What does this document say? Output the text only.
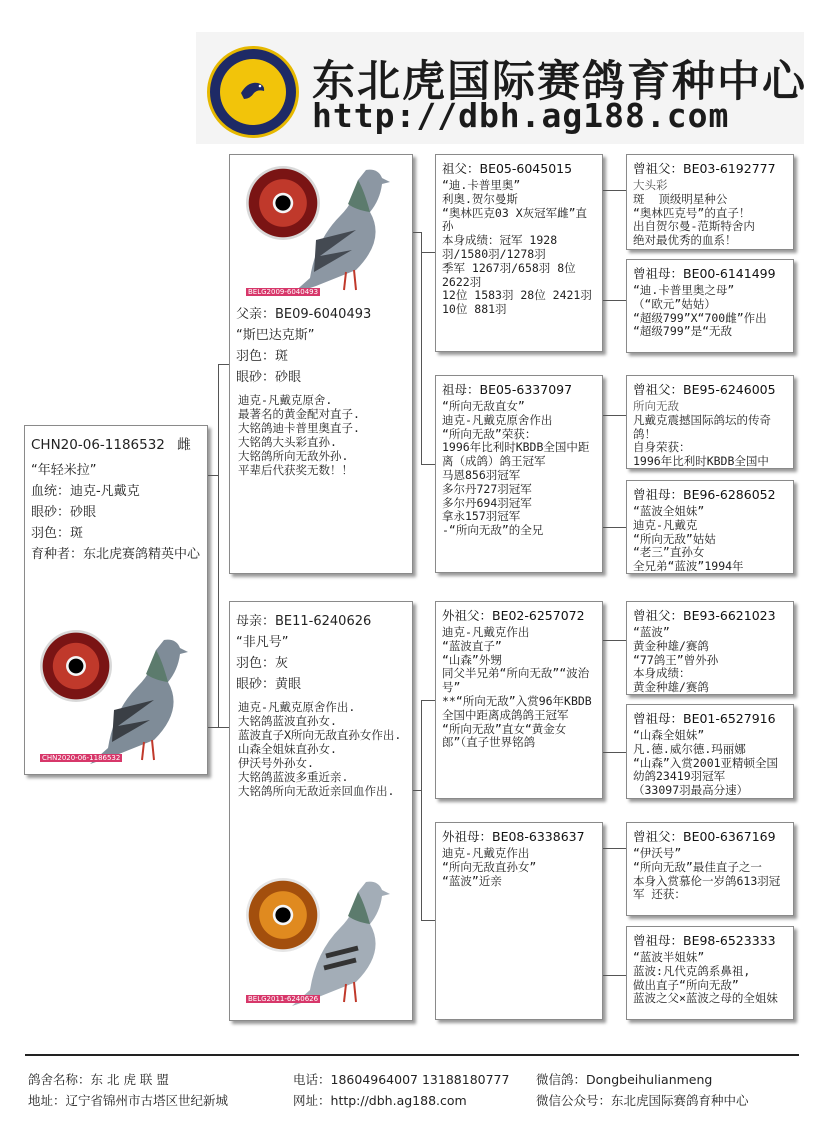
东北虎国际赛鸽育种中心
http://dbh.ag188.com
CHN20-06-1186532 雌
“年轻米拉”
血统：迪克-凡戴克
眼砂：砂眼
羽色：斑
育种者：东北虎赛鸽精英中心
CHN2020-06-1186532
父亲：BE09-6040493
“斯巴达克斯”
羽色：斑
眼砂：砂眼
迪克-凡戴克原舍.
最著名的黄金配对直子.
大铭鸽迪卡普里奥直子.
大铭鸽大头彩直孙.
大铭鸽所向无敌外孙.
平辈后代获奖无数！！
BELG2009-6040493
母亲：BE11-6240626
“非凡号”
羽色：灰
眼砂：黄眼
迪克-凡戴克原舍作出.
大铭鸽蓝波直孙女.
蓝波直子X所向无敌直孙女作出.
山森全姐妹直孙女.
伊沃号外孙女.
大铭鸽蓝波多重近亲.
大铭鸽所向无敌近亲回血作出.
BELG2011-6240626
祖父：BE05-6045015
“迪.卡普里奥”
利奥.贺尔曼斯
“奥林匹克03 X灰冠军雌”直孙
本身成绩：冠军 1928羽/1580羽/1278羽
季军 1267羽/658羽 8位 2622羽
12位 1583羽 28位 2421羽 10位 881羽
祖母：BE05-6337097
“所向无敌直女”
迪克-凡戴克原舍作出
“所向无敌”荣获：
1996年比利时KBDB全国中距离（成鸽）鸽王冠军
马恩856羽冠军
多尔丹727羽冠军
多尔丹694羽冠军
拿永157羽冠军
-“所向无敌”的全兄
外祖父：BE02-6257072
迪克-凡戴克作出
“蓝波直子”
“山森”外甥
同父半兄弟“所向无敌”“波治号”
**“所向无敌”入赏96年KBDB全国中距离成鸽鸽王冠军
“所向无敌”直女“黄金女郎”（直子世界铭鸽
外祖母：BE08-6338637
迪克-凡戴克作出
“所向无敌直孙女”
“蓝波”近亲
曾祖父：BE03-6192777
大头彩
斑  顶级明星种公
“奥林匹克号”的直子！
出自贺尔曼-范斯特舍内
绝对最优秀的血系！
曾祖母：BE00-6141499
“迪.卡普里奥之母”
（“欧元”姑姑）
“超级799”X“700雌”作出
“超级799”是“无敌
曾祖父：BE95-6246005
所向无敌
凡戴克震撼国际鸽坛的传奇鸽！
自身荣获：
1996年比利时KBDB全国中
曾祖母：BE96-6286052
“蓝波全姐妹”
迪克-凡戴克
“所向无敌”姑姑
“老三”直孙女
全兄弟“蓝波”1994年
曾祖父：BE93-6621023
“蓝波”
黄金种雄/赛鸽
“77鸽王”曾外孙
本身成绩：
黄金种雄/赛鸽
曾祖母：BE01-6527916
“山森全姐妹”
凡.德.威尔德.玛丽娜
“山森”入赏2001亚精顿全国幼鸽23419羽冠军
（33097羽最高分速）
曾祖父：BE00-6367169
“伊沃号”
“所向无敌”最佳直子之一
本身入赏慕伦一岁鸽613羽冠军 还获：
曾祖母：BE98-6523333
“蓝波半姐妹”
蓝波:凡代克鸽系鼻祖,
做出直子“所向无敌”
蓝波之父×蓝波之母的全姐妹
鸽舍名称：东 北 虎 联 盟	电话：18604964007 13188180777 微信鸽：Dongbeihulianmeng
地址：辽宁省锦州市古塔区世纪新城	网址：http://dbh.ag188.com	微信公众号：东北虎国际赛鸽育种中心
